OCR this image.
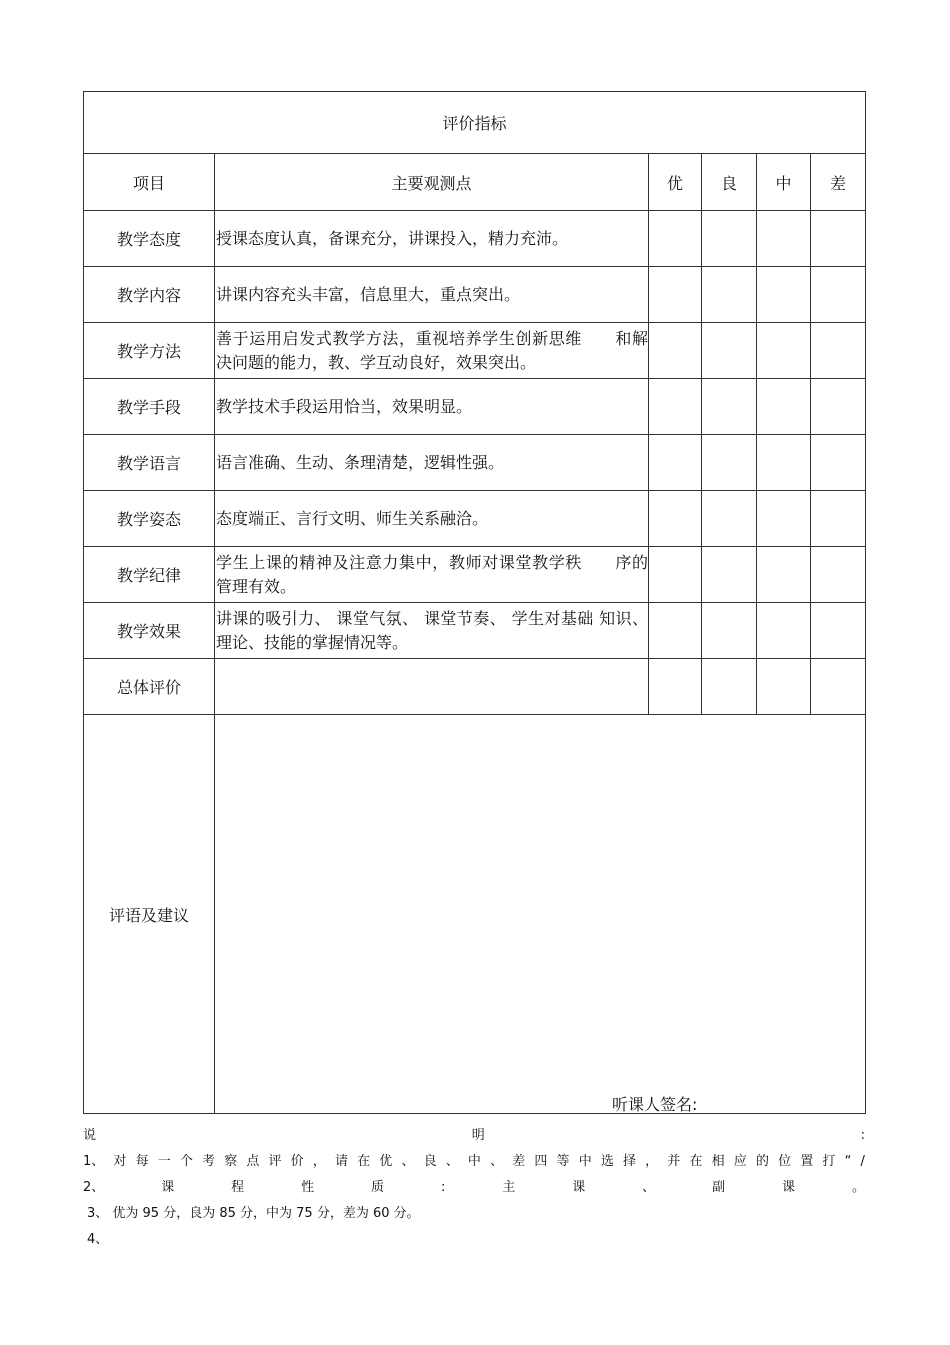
评价指标					
项目	主要观测点	优	良	中	差
教学态度	授课态度认真，备课充分，讲课投入，精力充沛。				
教学内容	讲课内容充头丰富，信息里大，重点突出。				
教学方法	善于运用启发式教学方法，重视培养学生创新思维　　和解
决问题的能力，教、学互动良好，效果突出。				
教学手段	教学技术手段运用恰当，效果明显。				
教学语言	语言准确、生动、条理清楚，逻辑性强。				
教学姿态	态度端正、言行文明、师生关系融洽。				
教学纪律	学生上课的精神及注意力集中，教师对课堂教学秩　　序的
管理有效。				
教学效果	讲课的吸引力、 课堂气氛、 课堂节奏、 学生对基础 知识、
理论、技能的掌握情况等。				
总体评价					
评语及建议	听课人签名:				
说	明	:
1、 对 每 一 个 考 察 点 评 价 ， 请 在 优 、 良 、 中 、 差 四 等 中 选 择 ， 并 在 相 应 的 位 置 打 “ /
2、	课	程	性	质	:	主	课	、	副	课	。
3、 优为 95 分，良为 85 分，中为 75 分，差为 60 分。
4、
